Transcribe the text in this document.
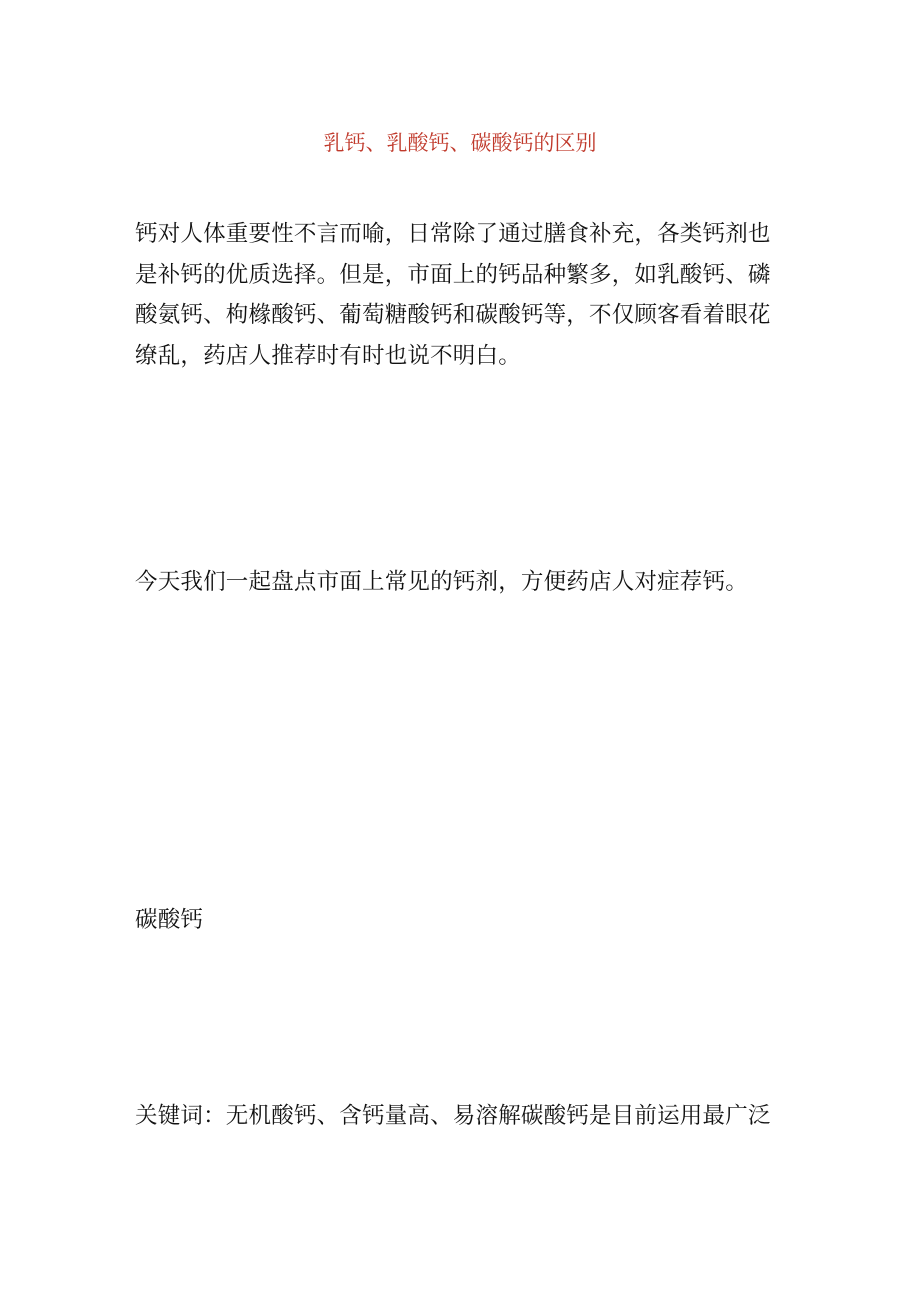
乳钙、乳酸钙、碳酸钙的区别

钙对人体重要性不言而喻，日常除了通过膳食补充，各类钙剂也是补钙的优质选择。但是，市面上的钙品种繁多，如乳酸钙、磷酸氨钙、枸橼酸钙、葡萄糖酸钙和碳酸钙等，不仅顾客看着眼花缭乱，药店人推荐时有时也说不明白。

今天我们一起盘点市面上常见的钙剂，方便药店人对症荐钙。

碳酸钙

关键词：无机酸钙、含钙量高、易溶解碳酸钙是目前运用最广泛
